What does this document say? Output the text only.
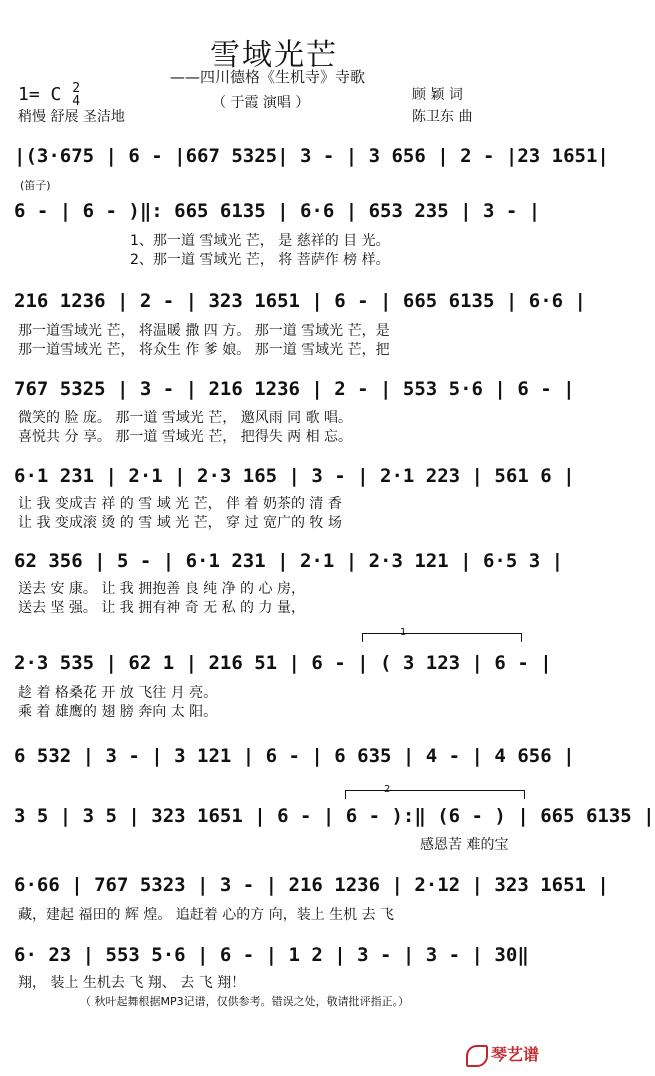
雪域光芒
——四川德格《生机寺》寺歌
（ 于霞 演唱 ）
1= C 2
4
稍慢 舒展 圣洁地
顾 颖 词
陈卫东 曲
(笛子)
|(3·675 | 6 - |667 5325| 3 - | 3 656 | 2 - |23 1651|
6 - | 6 - )‖: 665 6135 | 6·6 | 653 235 | 3 - |
1、那一道 雪域光 芒， 是 慈祥的 目 光。
2、那一道 雪域光 芒， 将 菩萨作 榜 样。
216 1236 | 2 - | 323 1651 | 6 - | 665 6135 | 6·6 |
那一道雪域光 芒， 将温暖 撒 四 方。 那一道 雪域光 芒，是
那一道雪域光 芒， 将众生 作 爹 娘。 那一道 雪域光 芒，把
767 5325 | 3 - | 216 1236 | 2 - | 553 5·6 | 6 - |
微笑的 脸 庞。 那一道 雪域光 芒， 邀风雨 同 歌 唱。
喜悦共 分 享。 那一道 雪域光 芒， 把得失 两 相 忘。
6·1 231 | 2·1 | 2·3 165 | 3 - | 2·1 223 | 561 6 |
让 我 变成吉 祥 的 雪 域 光 芒， 伴 着 奶茶的 清 香
让 我 变成滚 烫 的 雪 域 光 芒， 穿 过 宽广的 牧 场
62 356 | 5 - | 6·1 231 | 2·1 | 2·3 121 | 6·5 3 |
送去 安 康。 让 我 拥抱善 良 纯 净 的 心 房，
送去 坚 强。 让 我 拥有神 奇 无 私 的 力 量，
1
2·3 535 | 62 1 | 216 51 | 6 - | ( 3 123 | 6 - |
趁 着 格桑花 开 放 飞往 月 亮。
乘 着 雄鹰的 翅 膀 奔向 太 阳。
6 532 | 3 - | 3 121 | 6 - | 6 635 | 4 - | 4 656 |
2
3 5 | 3 5 | 323 1651 | 6 - | 6 - ):‖ (6 - ) | 665 6135 |
感恩苦 难的宝
6·66 | 767 5323 | 3 - | 216 1236 | 2·12 | 323 1651 |
藏，建起 福田的 辉 煌。 追赶着 心的方 向，装上 生机 去 飞
6· 23 | 553 5·6 | 6 - | 1 2 | 3 - | 3 - | 30‖
翔， 装上 生机去 飞 翔、 去 飞 翔！
（ 秋叶起舞根据MP3记谱，仅供参考。错误之处，敬请批评指正。）
琴艺谱
